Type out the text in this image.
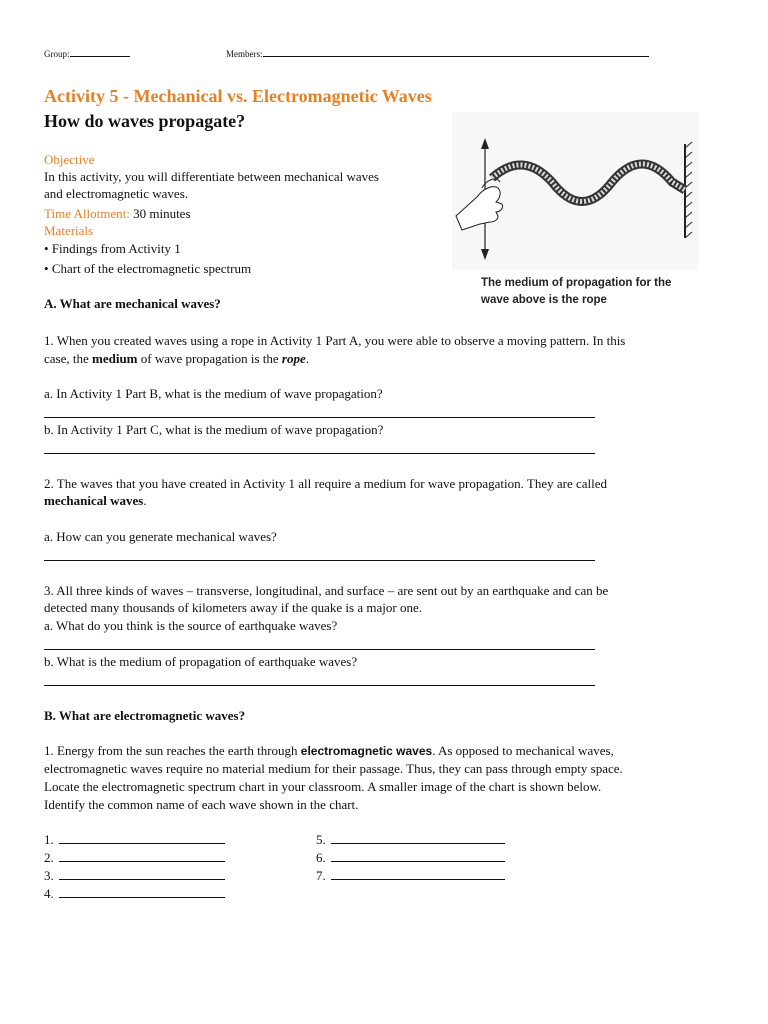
Group:	Members:
Activity 5 - Mechanical vs. Electromagnetic Waves
How do waves propagate?
Objective
In this activity, you will differentiate between mechanical waves
and electromagnetic waves.
Time Allotment: 30 minutes
Materials
• Findings from Activity 1
• Chart of the electromagnetic spectrum
The medium of propagation for the
wave above is the rope
A. What are mechanical waves?
1. When you created waves using a rope in Activity 1 Part A, you were able to observe a moving pattern. In this
case, the medium of wave propagation is the rope.
a. In Activity 1 Part B, what is the medium of wave propagation?
b. In Activity 1 Part C, what is the medium of wave propagation?
2. The waves that you have created in Activity 1 all require a medium for wave propagation. They are called
mechanical waves.
a. How can you generate mechanical waves?
3. All three kinds of waves – transverse, longitudinal, and surface – are sent out by an earthquake and can be
detected many thousands of kilometers away if the quake is a major one.
a. What do you think is the source of earthquake waves?
b. What is the medium of propagation of earthquake waves?
B. What are electromagnetic waves?
1. Energy from the sun reaches the earth through electromagnetic waves. As opposed to mechanical waves,
electromagnetic waves require no material medium for their passage. Thus, they can pass through empty space.
Locate the electromagnetic spectrum chart in your classroom. A smaller image of the chart is shown below.
Identify the common name of each wave shown in the chart.
1.
2.
3.
4.
5.
6.
7.
